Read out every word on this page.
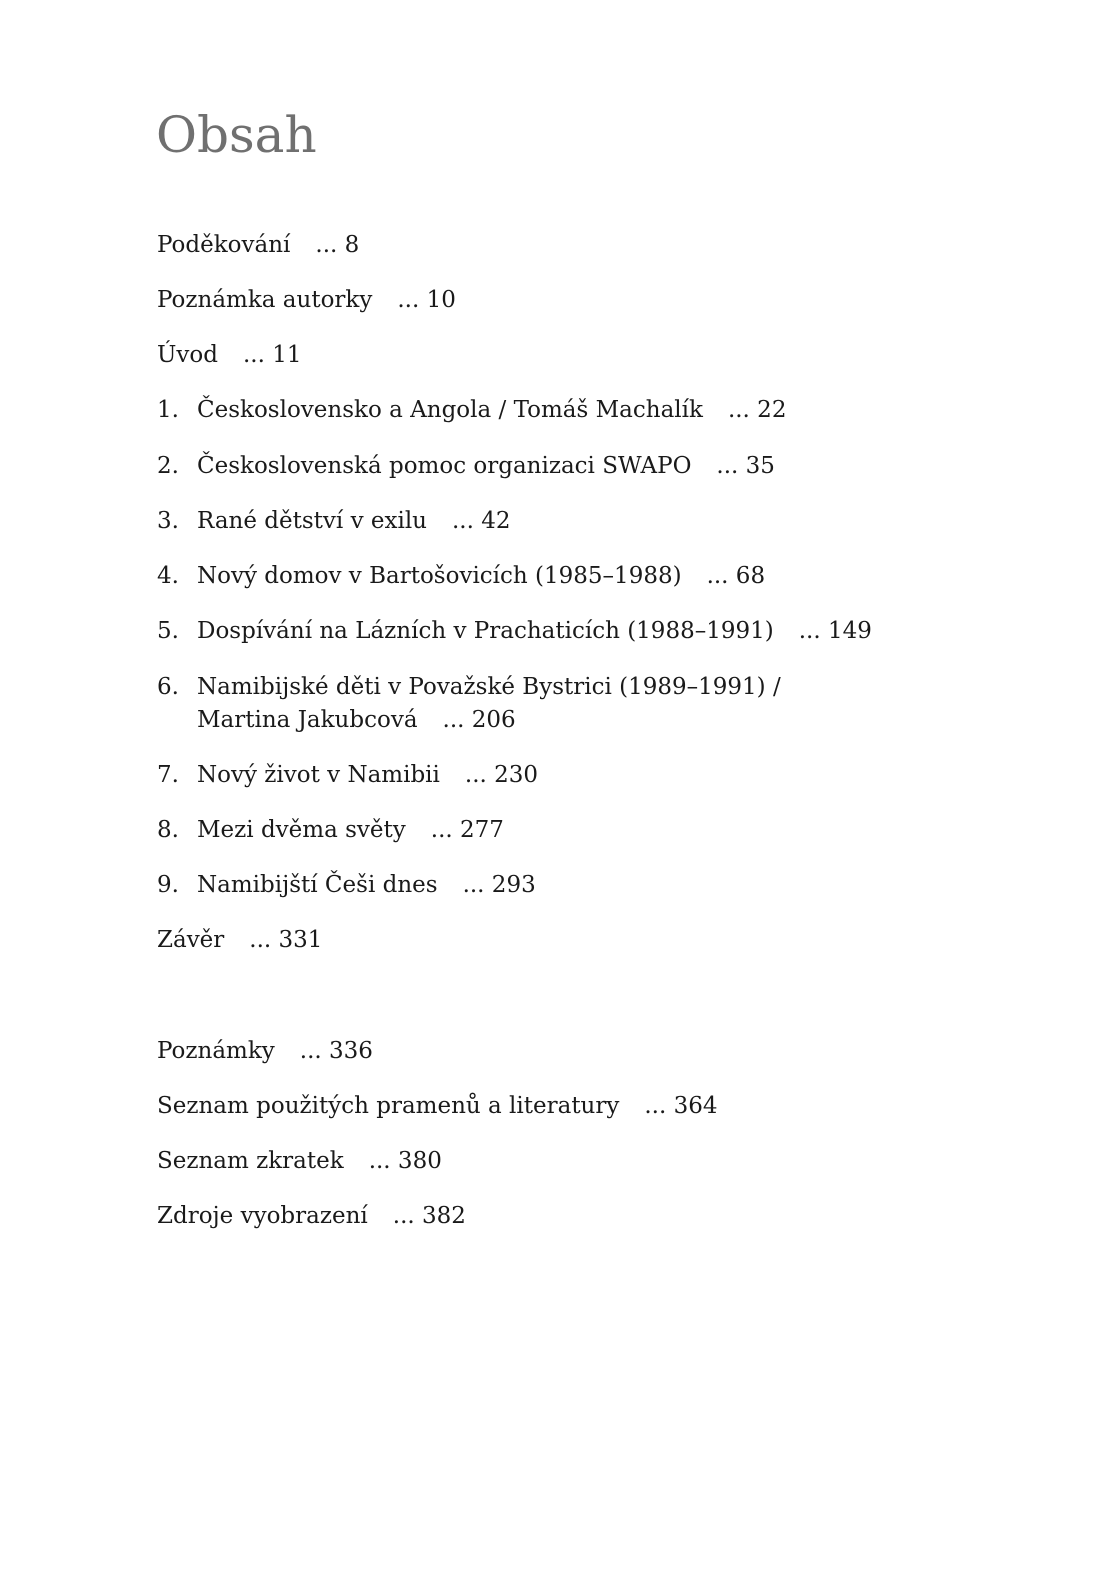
Obsah
Poděkování ... 8
Poznámka autorky ... 10
Úvod ... 11
1. Československo a Angola / Tomáš Machalík ... 22
2. Československá pomoc organizaci SWAPO ... 35
3. Rané dětství v exilu ... 42
4. Nový domov v Bartošovicích (1985–1988) ... 68
5. Dospívání na Lázních v Prachaticích (1988–1991) ... 149
6. Namibijské děti v Považské Bystrici (1989–1991) /
Martina Jakubcová ... 206
7. Nový život v Namibii ... 230
8. Mezi dvěma světy ... 277
9. Namibijští Češi dnes ... 293
Závěr ... 331
Poznámky ... 336
Seznam použitých pramenů a literatury ... 364
Seznam zkratek ... 380
Zdroje vyobrazení ... 382
